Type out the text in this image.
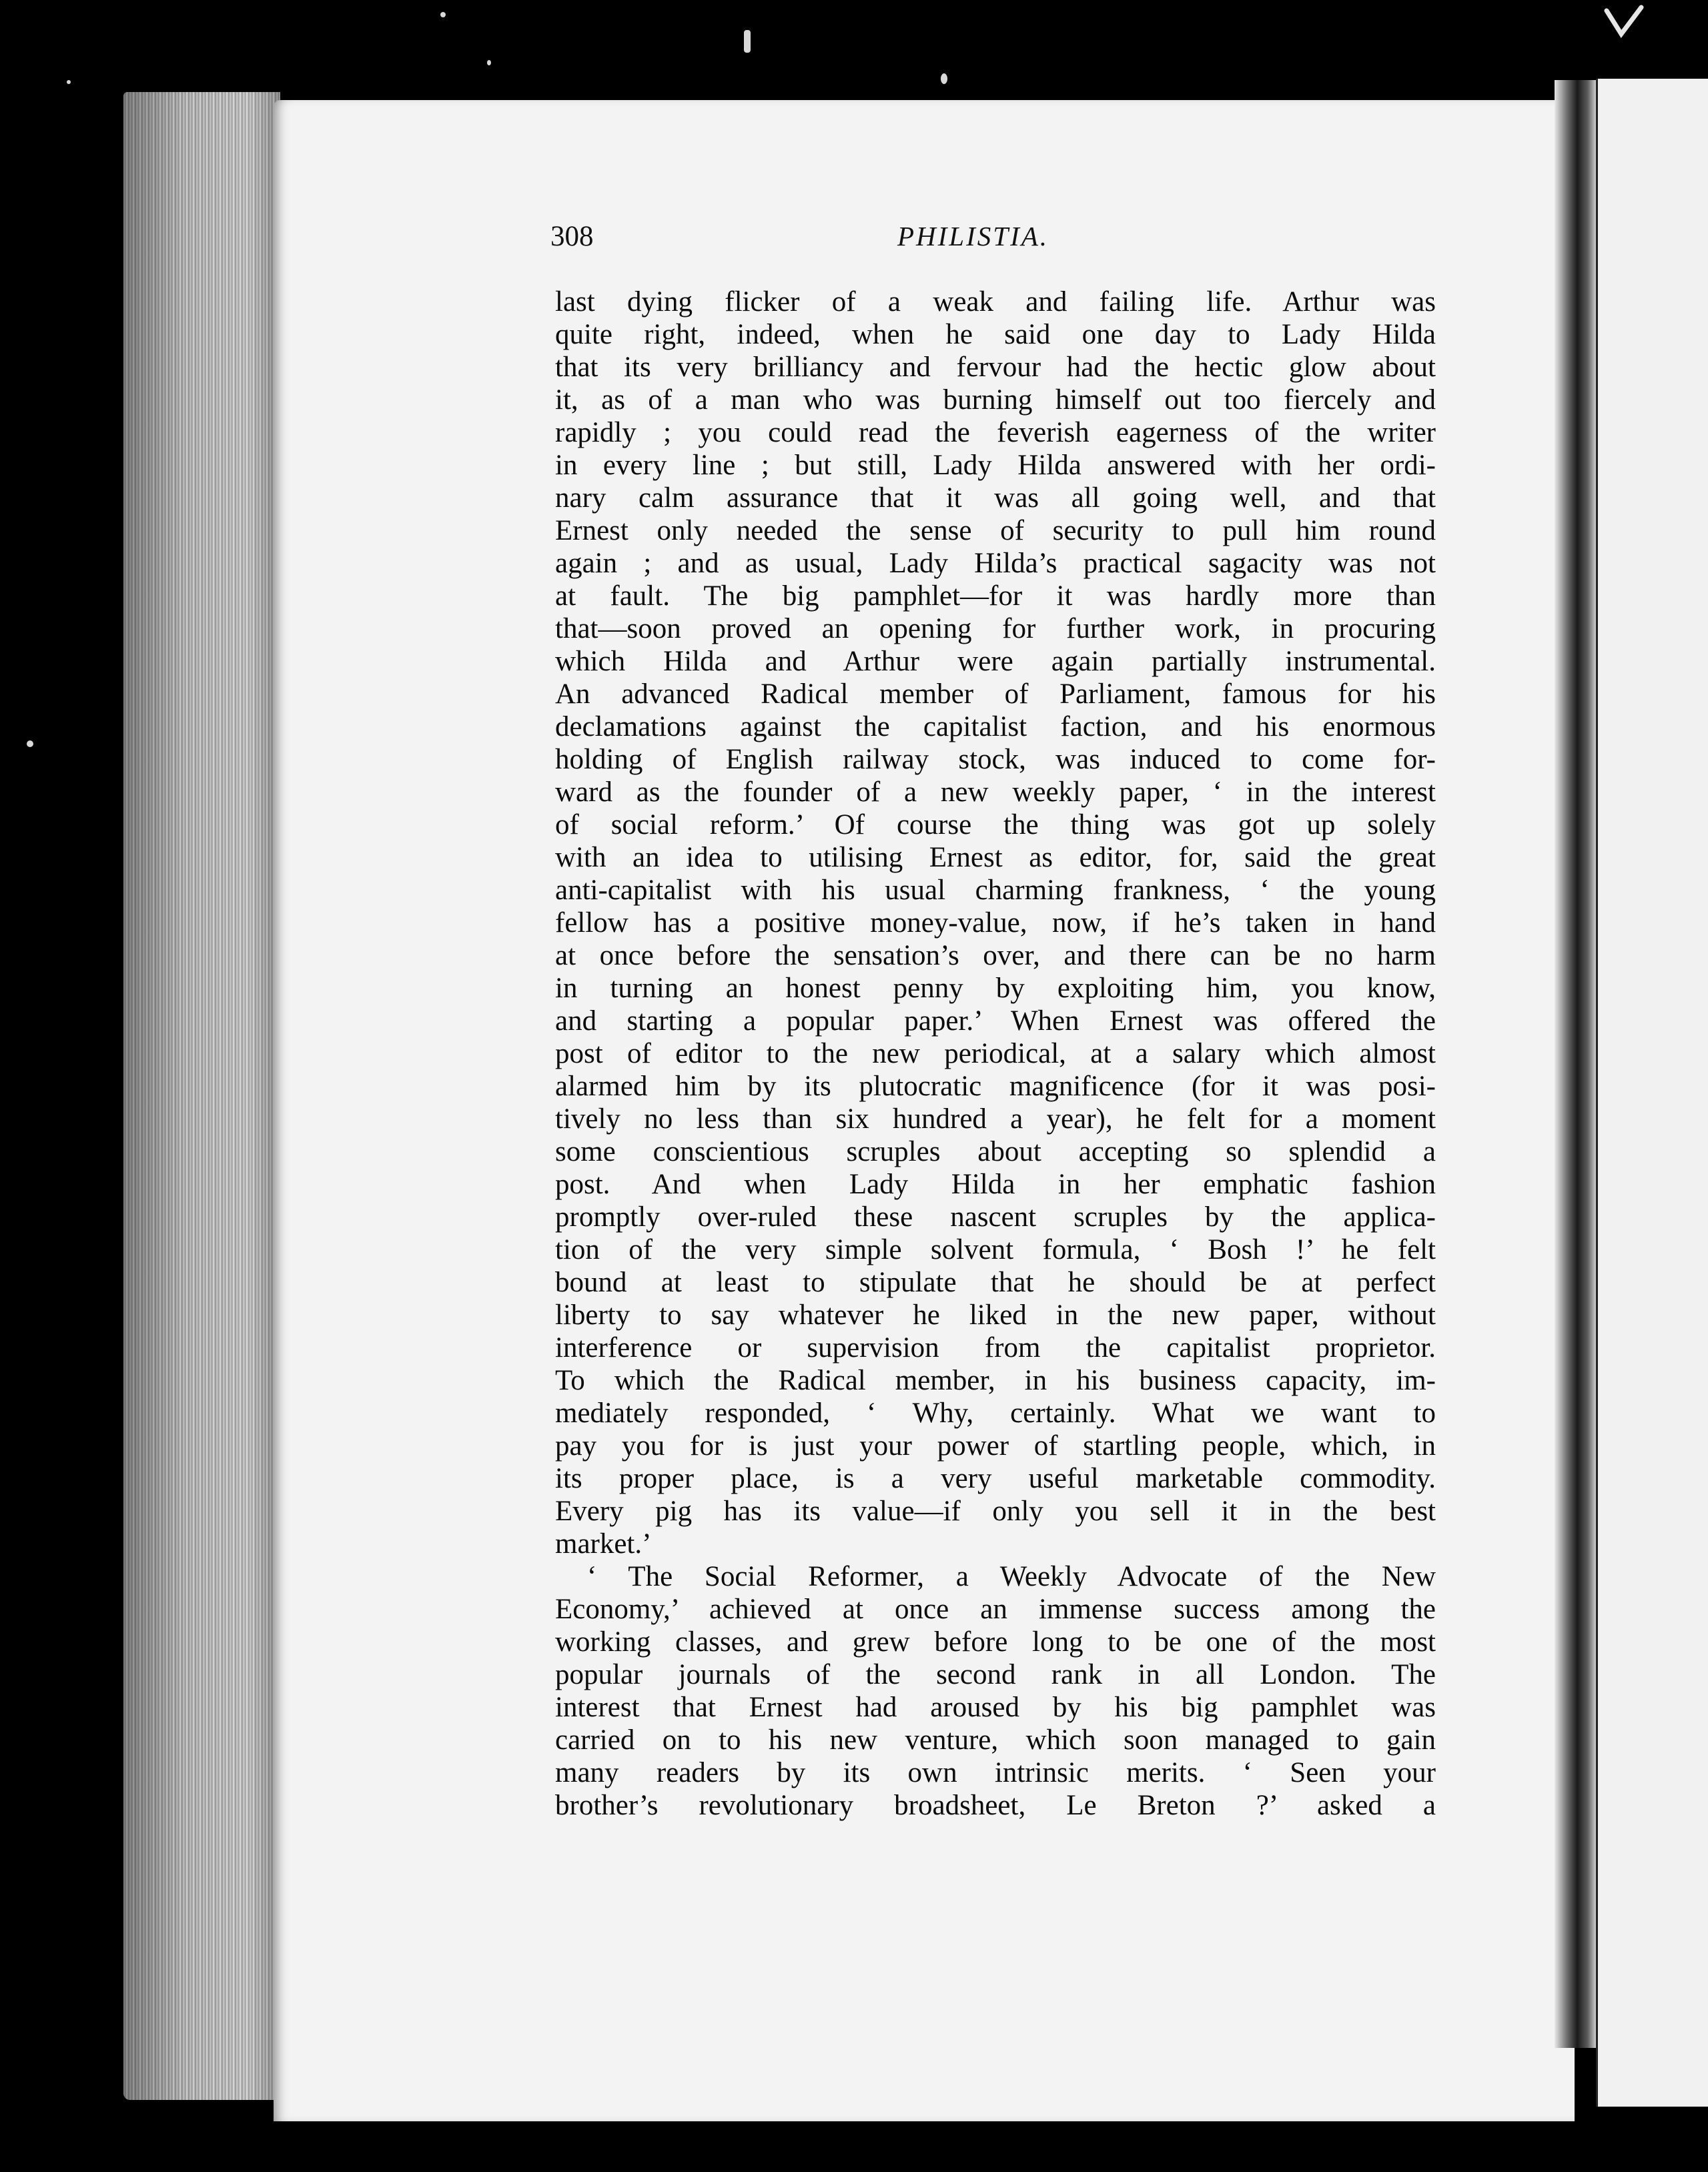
308	PHILISTIA.
last dying flicker of a weak and failing life. Arthur was
quite right, indeed, when he said one day to Lady Hilda
that its very brilliancy and fervour had the hectic glow about
it, as of a man who was burning himself out too fiercely and
rapidly ; you could read the feverish eagerness of the writer
in every line ; but still, Lady Hilda answered with her ordi-
nary calm assurance that it was all going well, and that
Ernest only needed the sense of security to pull him round
again ; and as usual, Lady Hilda’s practical sagacity was not
at fault. The big pamphlet—for it was hardly more than
that—soon proved an opening for further work, in procuring
which Hilda and Arthur were again partially instrumental.
An advanced Radical member of Parliament, famous for his
declamations against the capitalist faction, and his enormous
holding of English railway stock, was induced to come for-
ward as the founder of a new weekly paper, ‘ in the interest
of social reform.’ Of course the thing was got up solely
with an idea to utilising Ernest as editor, for, said the great
anti-capitalist with his usual charming frankness, ‘ the young
fellow has a positive money-value, now, if he’s taken in hand
at once before the sensation’s over, and there can be no harm
in turning an honest penny by exploiting him, you know,
and starting a popular paper.’ When Ernest was offered the
post of editor to the new periodical, at a salary which almost
alarmed him by its plutocratic magnificence (for it was posi-
tively no less than six hundred a year), he felt for a moment
some conscientious scruples about accepting so splendid a
post. And when Lady Hilda in her emphatic fashion
promptly over-ruled these nascent scruples by the applica-
tion of the very simple solvent formula, ‘ Bosh !’ he felt
bound at least to stipulate that he should be at perfect
liberty to say whatever he liked in the new paper, without
interference or supervision from the capitalist proprietor.
To which the Radical member, in his business capacity, im-
mediately responded, ‘ Why, certainly. What we want to
pay you for is just your power of startling people, which, in
its proper place, is a very useful marketable commodity.
Every pig has its value—if only you sell it in the best
market.’
‘ The Social Reformer, a Weekly Advocate of the New
Economy,’ achieved at once an immense success among the
working classes, and grew before long to be one of the most
popular journals of the second rank in all London. The
interest that Ernest had aroused by his big pamphlet was
carried on to his new venture, which soon managed to gain
many readers by its own intrinsic merits. ‘ Seen your
brother’s revolutionary broadsheet, Le Breton ?’ asked a
